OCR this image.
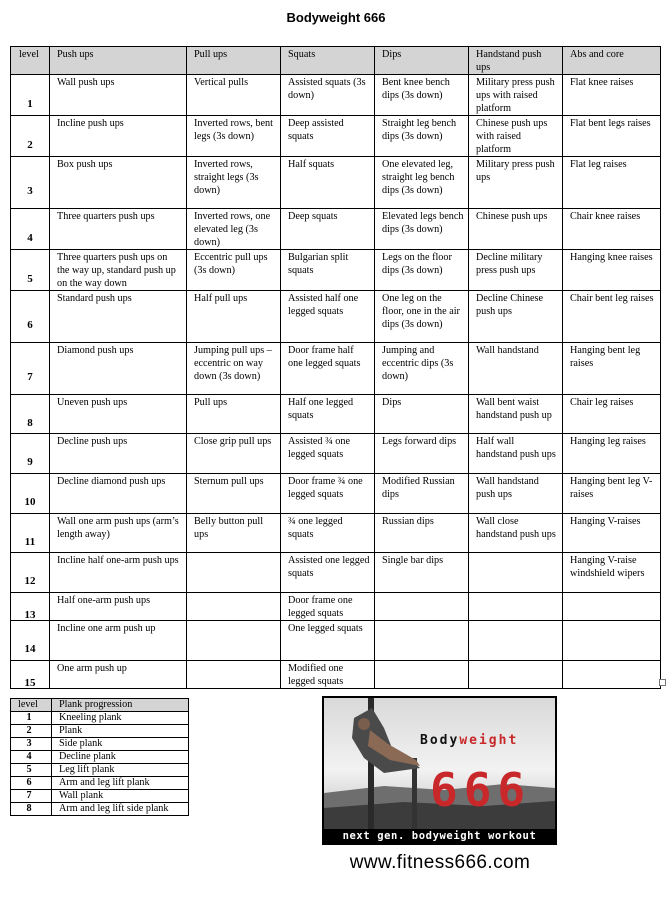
Bodyweight 666
level	Push ups	Pull ups	Squats	Dips	Handstand push ups	Abs and core
1	Wall push ups	Vertical pulls	Assisted squats (3s down)	Bent knee bench dips (3s down)	Military press push ups with raised platform	Flat knee raises
2	Incline push ups	Inverted rows, bent legs (3s down)	Deep assisted squats	Straight leg bench dips (3s down)	Chinese push ups with raised platform	Flat bent legs raises
3	Box push ups	Inverted rows, straight legs (3s down)	Half squats	One elevated leg, straight leg bench dips (3s down)	Military press push ups	Flat leg raises
4	Three quarters push ups	Inverted rows, one elevated leg (3s down)	Deep squats	Elevated legs bench dips (3s down)	Chinese push ups	Chair knee raises
5	Three quarters push ups on the way up, standard push up on the way down	Eccentric pull ups (3s down)	Bulgarian split squats	Legs on the floor dips (3s down)	Decline military press push ups	Hanging knee raises
6	Standard push ups	Half pull ups	Assisted half one legged squats	One leg on the floor, one in the air dips (3s down)	Decline Chinese push ups	Chair bent leg raises
7	Diamond push ups	Jumping pull ups – eccentric on way down (3s down)	Door frame half one legged squats	Jumping and eccentric dips (3s down)	Wall handstand	Hanging bent leg raises
8	Uneven push ups	Pull ups	Half one legged squats	Dips	Wall bent waist handstand push up	Chair leg raises
9	Decline push ups	Close grip pull ups	Assisted ¾ one legged squats	Legs forward dips	Half wall handstand push ups	Hanging leg raises
10	Decline diamond push ups	Sternum pull ups	Door frame ¾ one legged squats	Modified Russian dips	Wall handstand push ups	Hanging bent leg V-raises
11	Wall one arm push ups (arm’s length away)	Belly button pull ups	¾ one legged squats	Russian dips	Wall close handstand push ups	Hanging V-raises
12	Incline half one-arm push ups		Assisted one legged squats	Single bar dips		Hanging V-raise windshield wipers
13	Half one-arm push ups		Door frame one legged squats			
14	Incline one arm push up		One legged squats			
15	One arm push up		Modified one legged squats			
level	Plank progression
1	Kneeling plank
2	Plank
3	Side plank
4	Decline plank
5	Leg lift plank
6	Arm and leg lift plank
7	Wall plank
8	Arm and leg lift side plank
Bodyweight
666
next gen. bodyweight workout
www.fitness666.com
